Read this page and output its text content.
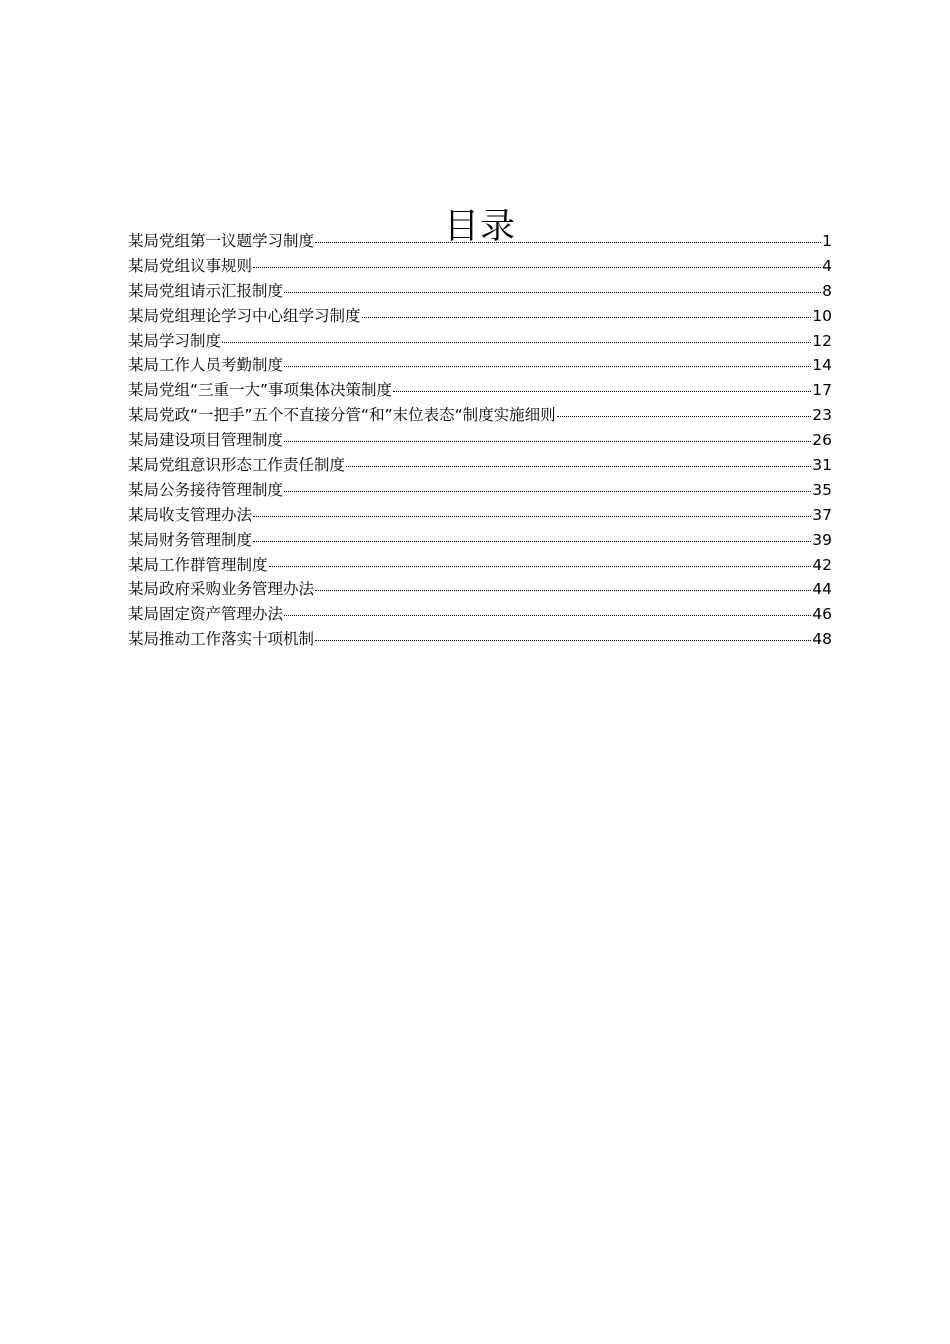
目录
某局党组第一议题学习制度	1
某局党组议事规则	4
某局党组请示汇报制度	8
某局党组理论学习中心组学习制度	10
某局学习制度	12
某局工作人员考勤制度	14
某局党组“三重一大”事项集体决策制度	17
某局党政“一把手”五个不直接分管“和”末位表态“制度实施细则	23
某局建设项目管理制度	26
某局党组意识形态工作责任制度	31
某局公务接待管理制度	35
某局收支管理办法	37
某局财务管理制度	39
某局工作群管理制度	42
某局政府采购业务管理办法	44
某局固定资产管理办法	46
某局推动工作落实十项机制	48
